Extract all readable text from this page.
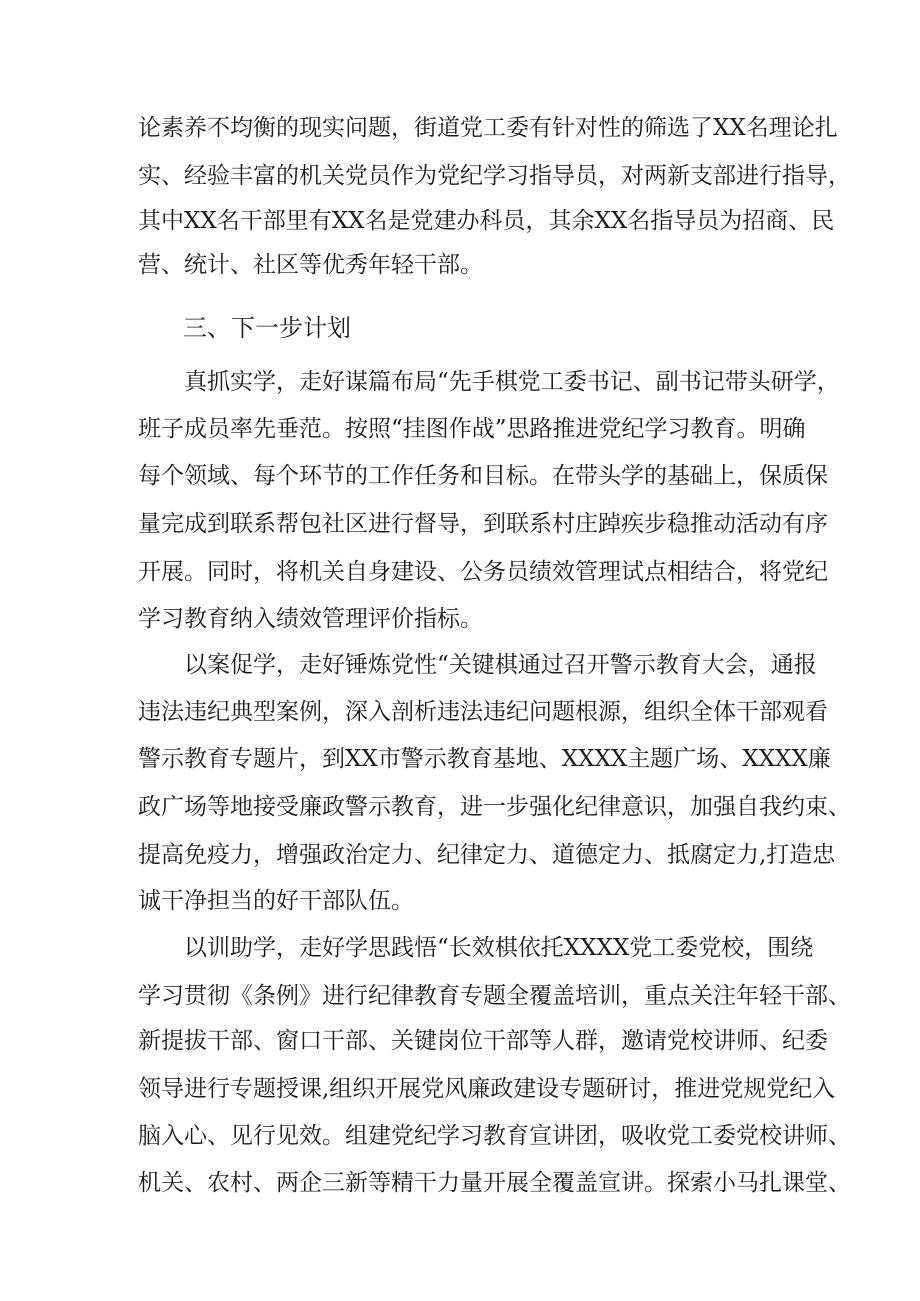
论素养不均衡的现实问题，街道党工委有针对性的筛选了XX名理论扎
实、经验丰富的机关党员作为党纪学习指导员，对两新支部进行指导，
其中XX名干部里有XX名是党建办科员，其余XX名指导员为招商、民
营、统计、社区等优秀年轻干部。
三、下一步计划
真抓实学，走好谋篇布局“先手棋党工委书记、副书记带头研学，
班子成员率先垂范。按照“挂图作战”思路推进党纪学习教育。明确
每个领域、每个环节的工作任务和目标。在带头学的基础上，保质保
量完成到联系帮包社区进行督导，到联系村庄踔疾步稳推动活动有序
开展。同时，将机关自身建设、公务员绩效管理试点相结合，将党纪
学习教育纳入绩效管理评价指标。
以案促学，走好锤炼党性“关键棋通过召开警示教育大会，通报
违法违纪典型案例，深入剖析违法违纪问题根源，组织全体干部观看
警示教育专题片，到XX市警示教育基地、XXXX主题广场、XXXX廉
政广场等地接受廉政警示教育，进一步强化纪律意识，加强自我约束、
提高免疫力，增强政治定力、纪律定力、道德定力、抵腐定力,打造忠
诚干净担当的好干部队伍。
以训助学，走好学思践悟“长效棋依托XXXX党工委党校，围绕
学习贯彻《条例》进行纪律教育专题全覆盖培训，重点关注年轻干部、
新提拔干部、窗口干部、关键岗位干部等人群，邀请党校讲师、纪委
领导进行专题授课,组织开展党风廉政建设专题研讨，推进党规党纪入
脑入心、见行见效。组建党纪学习教育宣讲团，吸收党工委党校讲师、
机关、农村、两企三新等精干力量开展全覆盖宣讲。探索小马扎课堂、
